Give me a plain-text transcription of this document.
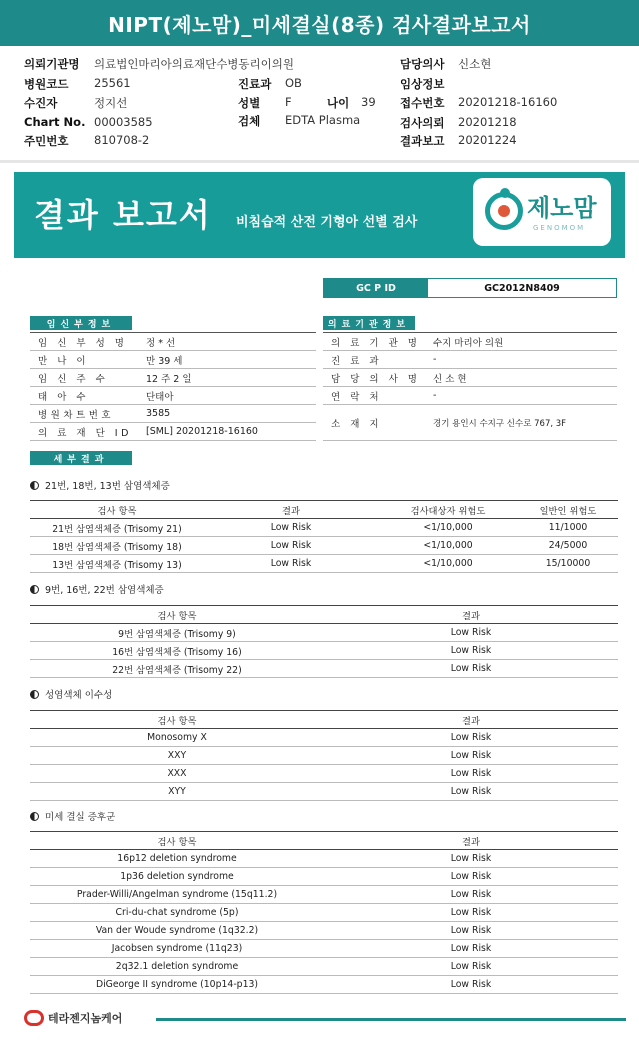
NIPT(제노맘)_미세결실(8종) 검사결과보고서
의뢰기관명 의료법인마리아의료재단수병동리이의원
병원코드 25561
수진자	정지선
Chart No. 00003585
주민번호 810708-2
진료과 OB
성별 F	나이 39
검체 EDTA Plasma
담당의사 신소현
임상정보
접수번호 20201218-16160
검사의뢰 20201218
결과보고 20201224
결과 보고서 비침습적 산전 기형아 선별 검사
제노맘
GENOMOM
GC P ID	GC2012N8409
임신부정보
임 신 부 성 명	정 * 선
만 나 이	만 39 세
임 신 주 수	12 주 2 일
태 아 수	단태아
병원차트번호	3585
의 료 재 단 ID	[SML] 20201218-16160
의료기관정보
의 료 기 관 명	수지 마리아 의원
진 료 과	-
담 당 의 사 명	신 소 현
연 락 처	-
소 재 지	경기 용인시 수지구 신수로 767, 3F
세부결과
21번, 18번, 13번 삼염색체증
검사 항목	결과	검사대상자 위험도	일반인 위험도
21번 삼염색체증 (Trisomy 21)	Low Risk	<1/10,000	11/1000
18번 삼염색체증 (Trisomy 18)	Low Risk	<1/10,000	24/5000
13번 삼염색체증 (Trisomy 13)	Low Risk	<1/10,000	15/10000
9번, 16번, 22번 삼염색체증
검사 항목	결과
9번 삼염색체증 (Trisomy 9)	Low Risk
16번 삼염색체증 (Trisomy 16)	Low Risk
22번 삼염색체증 (Trisomy 22)	Low Risk
성염색체 이수성
검사 항목	결과
Monosomy X	Low Risk
XXY	Low Risk
XXX	Low Risk
XYY	Low Risk
미세 결실 증후군
검사 항목	결과
16p12 deletion syndrome	Low Risk
1p36 deletion syndrome	Low Risk
Prader-Willi/Angelman syndrome (15q11.2)	Low Risk
Cri-du-chat syndrome (5p)	Low Risk
Van der Woude syndrome (1q32.2)	Low Risk
Jacobsen syndrome (11q23)	Low Risk
2q32.1 deletion syndrome	Low Risk
DiGeorge II syndrome (10p14-p13)	Low Risk
테라젠지놈케어
